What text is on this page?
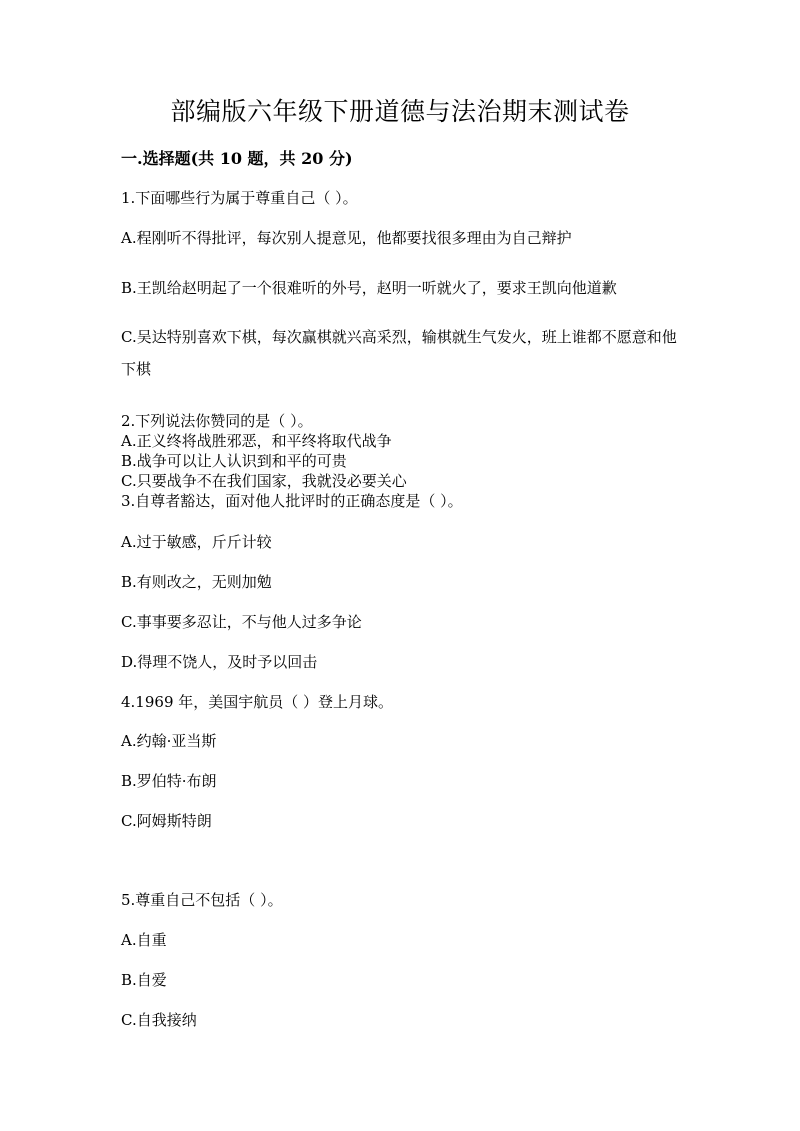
部编版六年级下册道德与法治期末测试卷
一.选择题(共 10 题，共 20 分)
1.下面哪些行为属于尊重自己（ ）。
A.程刚听不得批评，每次别人提意见，他都要找很多理由为自己辩护
B.王凯给赵明起了一个很难听的外号，赵明一听就火了，要求王凯向他道歉
C.吴达特别喜欢下棋，每次赢棋就兴高采烈，输棋就生气发火，班上谁都不愿意和他下棋
2.下列说法你赞同的是（ ）。
A.正义终将战胜邪恶，和平终将取代战争
B.战争可以让人认识到和平的可贵
C.只要战争不在我们国家，我就没必要关心
3.自尊者豁达，面对他人批评时的正确态度是（ ）。
A.过于敏感，斤斤计较
B.有则改之，无则加勉
C.事事要多忍让，不与他人过多争论
D.得理不饶人，及时予以回击
4.1969 年，美国宇航员（ ）登上月球。
A.约翰·亚当斯
B.罗伯特·布朗
C.阿姆斯特朗
5.尊重自己不包括（ ）。
A.自重
B.自爱
C.自我接纳
